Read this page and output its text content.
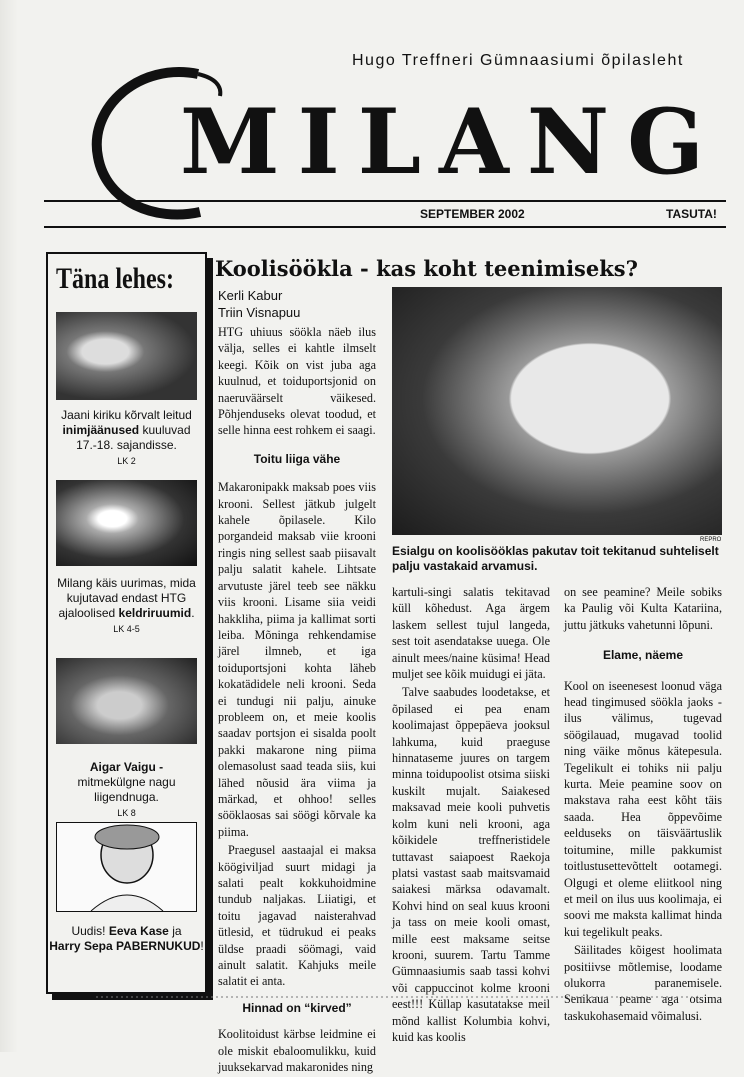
Hugo Treffneri Gümnaasiumi õpilasleht
MILANG
SEPTEMBER 2002	TASUTA!
Täna lehes:
Jaani kiriku kõrvalt leitud
inimjäänused kuuluvad 17.-18. sajandisse.
LK 2
Milang käis uurimas, mida kujutavad endast HTG ajaloolised keldriruumid.
LK 4-5
Aigar Vaigu -
mitmekülgne nagu liigendnuga.
LK 8
Uudis! Eeva Kase ja
Harry Sepa PABERNUKUD!
Koolisöökla - kas koht teenimiseks?
Kerli Kabur
Triin Visnapuu

HTG uhiuus söökla näeb ilus välja, selles ei kahtle ilmselt keegi. Kõik on vist juba aga kuulnud, et toiduportsjonid on naeruväärselt väikesed. Põhjenduseks olevat toodud, et selle hinna eest rohkem ei saagi.

Toitu liiga vähe

Makaronipakk maksab poes viis krooni. Sellest jätkub julgelt kahele õpilasele. Kilo porgandeid maksab viie krooni ringis ning sellest saab piisavalt palju salatit kahele. Lihtsate arvutuste järel teeb see näkku viis krooni. Lisame siia veidi hakkliha, piima ja kallimat sorti leiba. Mõninga rehkendamise järel ilmneb, et iga toiduportsjoni kohta läheb kokatädidele neli krooni. Seda ei tundugi nii palju, ainuke probleem on, et meie koolis saadav portsjon ei sisalda poolt pakki makarone ning piima olemasolust saad teada siis, kui lähed nõusid ära viima ja märkad, et ohhoo! selles sööklaosas sai söögi kõrvale ka piima.

Praegusel aastaajal ei maksa köögiviljad suurt midagi ja salati pealt kokkuhoidmine tundub naljakas. Liiatigi, et toitu jagavad naisterahvad ütlesid, et tüdrukud ei peaks üldse praadi söömagi, vaid ainult salatit. Kahjuks meile salatit ei anta.

Hinnad on “kirved”

Koolitoidust kärbse leidmine ei ole miskit ebaloomulikku, kuid juuksekarvad makaronides ning

REPRO
Esialgu on koolisööklas pakutav toit tekitanud suhteliselt palju vastakaid arvamusi.

kartuli-singi salatis tekitavad küll kõhedust. Aga ärgem laskem sellest tujul langeda, sest toit asendatakse uuega. Ole ainult mees/naine küsima! Head muljet see kõik muidugi ei jäta.

Talve saabudes loodetakse, et õpilased ei pea enam koolimajast õppepäeva jooksul lahkuma, kuid praeguse hinnataseme juures on targem minna toidupoolist otsima siiski kuskilt mujalt. Saiakesed maksavad meie kooli puhvetis kolm kuni neli krooni, aga kõikidele treffneristidele tuttavast saiapoest Raekoja platsi vastast saab maitsvamaid saiakesi märksa odavamalt. Kohvi hind on seal kuus krooni ja tass on meie kooli omast, mille eest maksame seitse krooni, suurem. Tartu Tamme Gümnaasiumis saab tassi kohvi või cappuccinot kolme krooni eest!!! Küllap kasutatakse meil mõnd kallist Kolumbia kohvi, kuid kas koolis

on see peamine? Meile sobiks ka Paulig või Kulta Katariina, juttu jätkuks vahetunni lõpuni.

Elame, näeme

Kool on iseenesest loonud väga head tingimused söökla jaoks - ilus välimus, tugevad söögilauad, mugavad toolid ning väike mõnus kätepesula. Tegelikult ei tohiks nii palju kurta. Meie peamine soov on makstava raha eest kõht täis saada. Hea õppevõime eelduseks on täisväärtuslik toitumine, mille pakkumist toitlustusettevõttelt ootamegi. Olgugi et oleme eliitkool ning et meil on ilus uus koolimaja, ei soovi me maksta kallimat hinda kui tegelikult peaks.

Säilitades kõigest hoolimata positiivse mõtlemise, loodame olukorra paranemisele. Senikaua peame aga otsima taskukohasemaid võimalusi.
